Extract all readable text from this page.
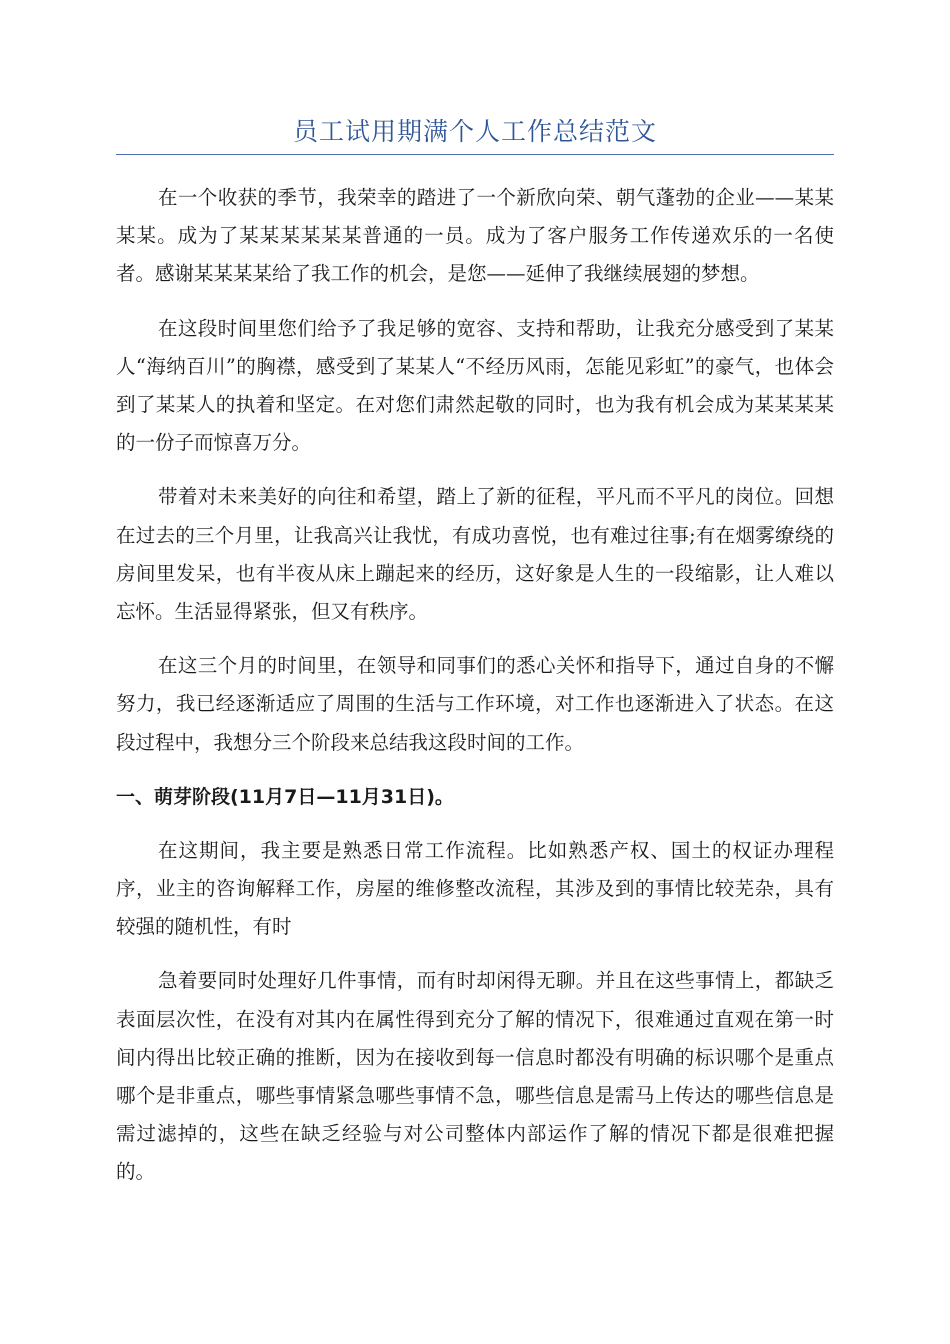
员工试用期满个人工作总结范文

在一个收获的季节，我荣幸的踏进了一个新欣向荣、朝气蓬勃的企业——某某某某。成为了某某某某某某普通的一员。成为了客户服务工作传递欢乐的一名使者。感谢某某某某给了我工作的机会，是您——延伸了我继续展翅的梦想。

在这段时间里您们给予了我足够的宽容、支持和帮助，让我充分感受到了某某人“海纳百川”的胸襟，感受到了某某人“不经历风雨，怎能见彩虹”的豪气，也体会到了某某人的执着和坚定。在对您们肃然起敬的同时，也为我有机会成为某某某某的一份子而惊喜万分。

带着对未来美好的向往和希望，踏上了新的征程，平凡而不平凡的岗位。回想在过去的三个月里，让我高兴让我忧，有成功喜悦，也有难过往事;有在烟雾缭绕的房间里发呆，也有半夜从床上蹦起来的经历，这好象是人生的一段缩影，让人难以忘怀。生活显得紧张，但又有秩序。

在这三个月的时间里，在领导和同事们的悉心关怀和指导下，通过自身的不懈努力，我已经逐渐适应了周围的生活与工作环境，对工作也逐渐进入了状态。在这段过程中，我想分三个阶段来总结我这段时间的工作。

一、萌芽阶段(11月7日—11月31日)。

在这期间，我主要是熟悉日常工作流程。比如熟悉产权、国土的权证办理程序，业主的咨询解释工作，房屋的维修整改流程，其涉及到的事情比较芜杂，具有较强的随机性，有时

急着要同时处理好几件事情，而有时却闲得无聊。并且在这些事情上，都缺乏表面层次性，在没有对其内在属性得到充分了解的情况下，很难通过直观在第一时间内得出比较正确的推断，因为在接收到每一信息时都没有明确的标识哪个是重点哪个是非重点，哪些事情紧急哪些事情不急，哪些信息是需马上传达的哪些信息是需过滤掉的，这些在缺乏经验与对公司整体内部运作了解的情况下都是很难把握的。
